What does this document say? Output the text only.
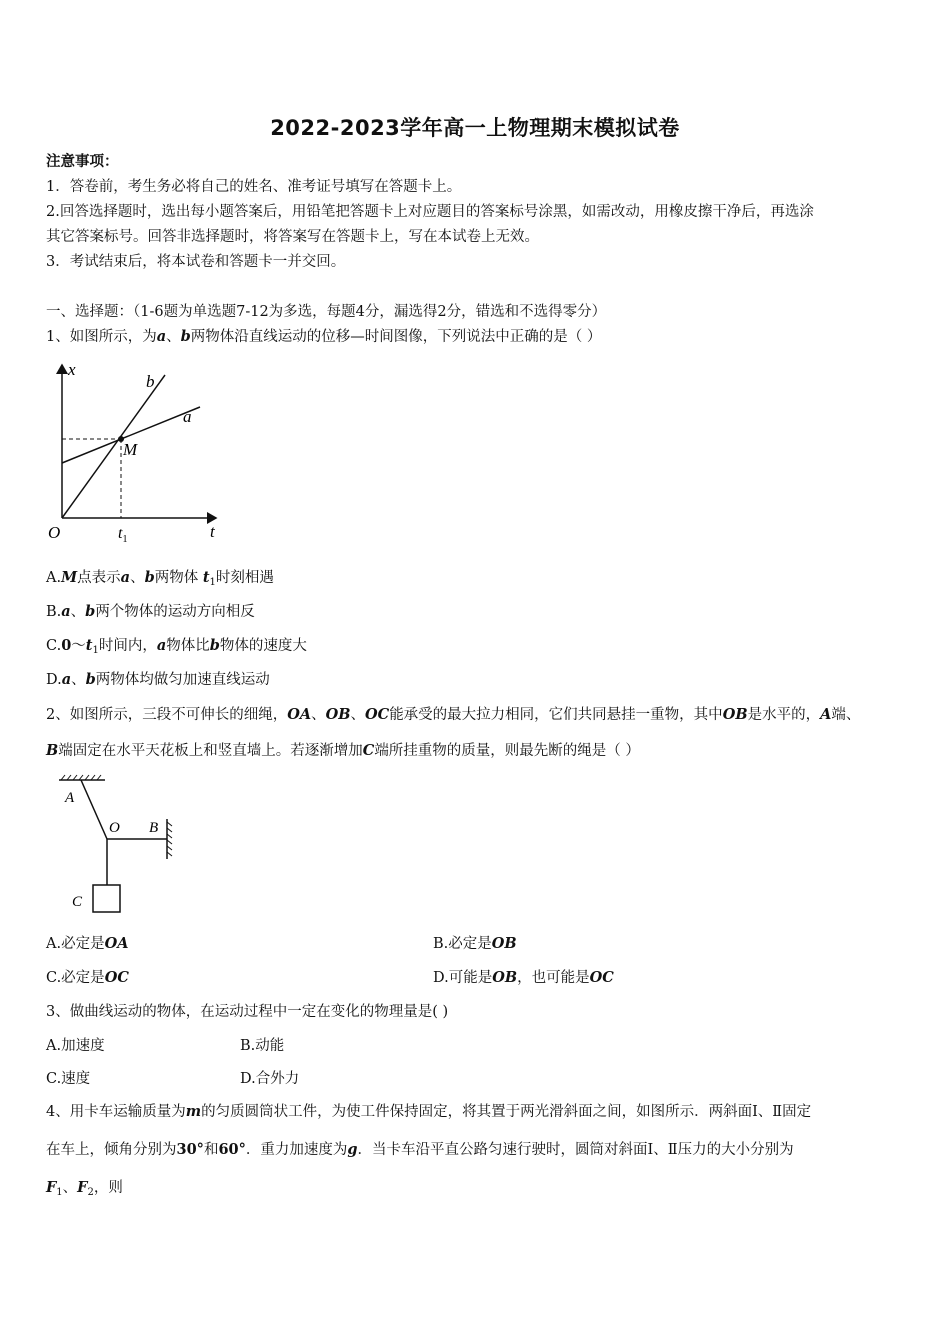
2022-2023学年高一上物理期末模拟试卷
注意事项：
1．答卷前，考生务必将自己的姓名、准考证号填写在答题卡上。
2.回答选择题时，选出每小题答案后，用铅笔把答题卡上对应题目的答案标号涂黑，如需改动，用橡皮擦干净后，再选涂
其它答案标号。回答非选择题时，将答案写在答题卡上，写在本试卷上无效。
3．考试结束后，将本试卷和答题卡一并交回。
一、选择题：（1-6题为单选题7-12为多选，每题4分，漏选得2分，错选和不选得零分）
1、如图所示，为a、b两物体沿直线运动的位移—时间图像，下列说法中正确的是（ ）
x
t
O
b
a
M
$t_1$
A.M点表示a、b两物体 $t_1$时刻相遇
B.a、b两个物体的运动方向相反
$C.0\sim t_1$时间内，a物体比b物体的速度大
D.a、b两物体均做匀加速直线运动
2、如图所示，三段不可伸长的细绳，OA、OB、OC能承受的最大拉力相同，它们共同悬挂一重物，其中OB是水平的，A端、
B端固定在水平天花板上和竖直墙上。若逐渐增加C端所挂重物的质量，则最先断的绳是（ ）
A
O B
C
A.必定是OA	B.必定是OB
C.必定是OC	D.可能是OB，也可能是OC
3、做曲线运动的物体，在运动过程中一定在变化的物理量是( )
A.加速度	B.动能
C.速度	D.合外力
4、用卡车运输质量为m的匀质圆筒状工件，为使工件保持固定，将其置于两光滑斜面之间，如图所示．两斜面Ⅰ、Ⅱ固定
在车上，倾角分别为30°和60°．重力加速度为g．当卡车沿平直公路匀速行驶时，圆筒对斜面Ⅰ、Ⅱ压力的大小分别为
$F_1$、$F_2$，则
